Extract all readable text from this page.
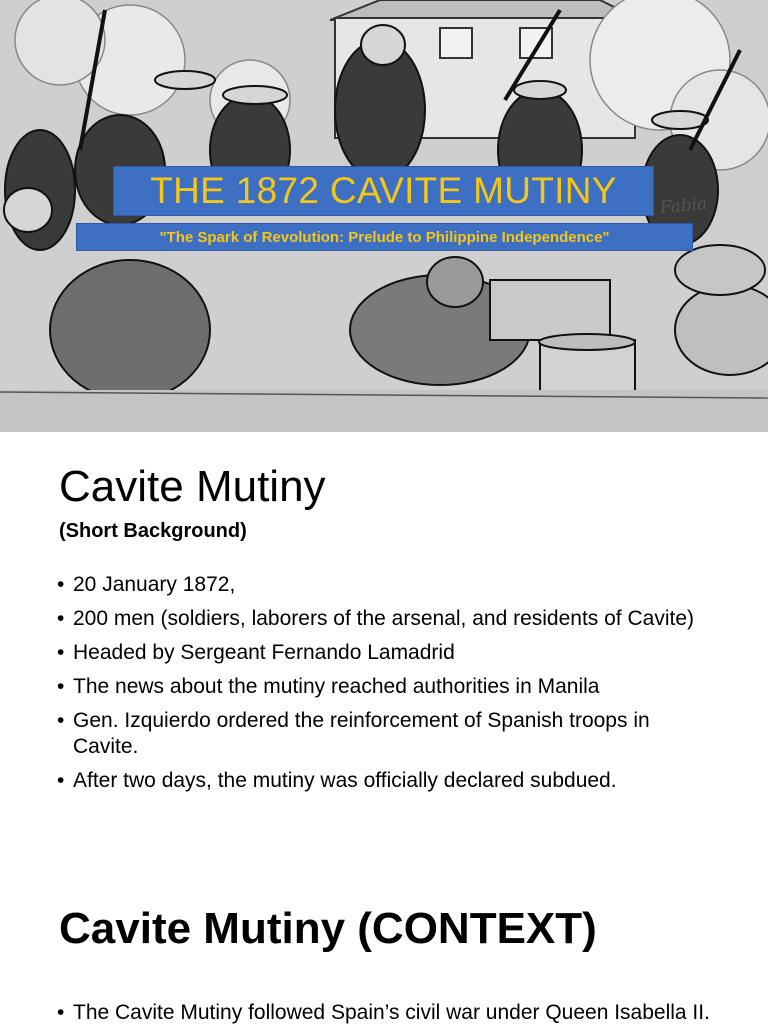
THE 1872 CAVITE MUTINY Fabia
"The Spark of Revolution: Prelude to Philippine Independence"
Cavite Mutiny
(Short Background)
• 20 January 1872,
• 200 men (soldiers, laborers of the arsenal, and residents of Cavite)
• Headed by Sergeant Fernando Lamadrid
• The news about the mutiny reached authorities in Manila
• Gen. Izquierdo ordered the reinforcement of Spanish troops in Cavite.
• After two days, the mutiny was officially declared subdued.
Cavite Mutiny (CONTEXT)
• The Cavite Mutiny followed Spain’s civil war under Queen Isabella II.
